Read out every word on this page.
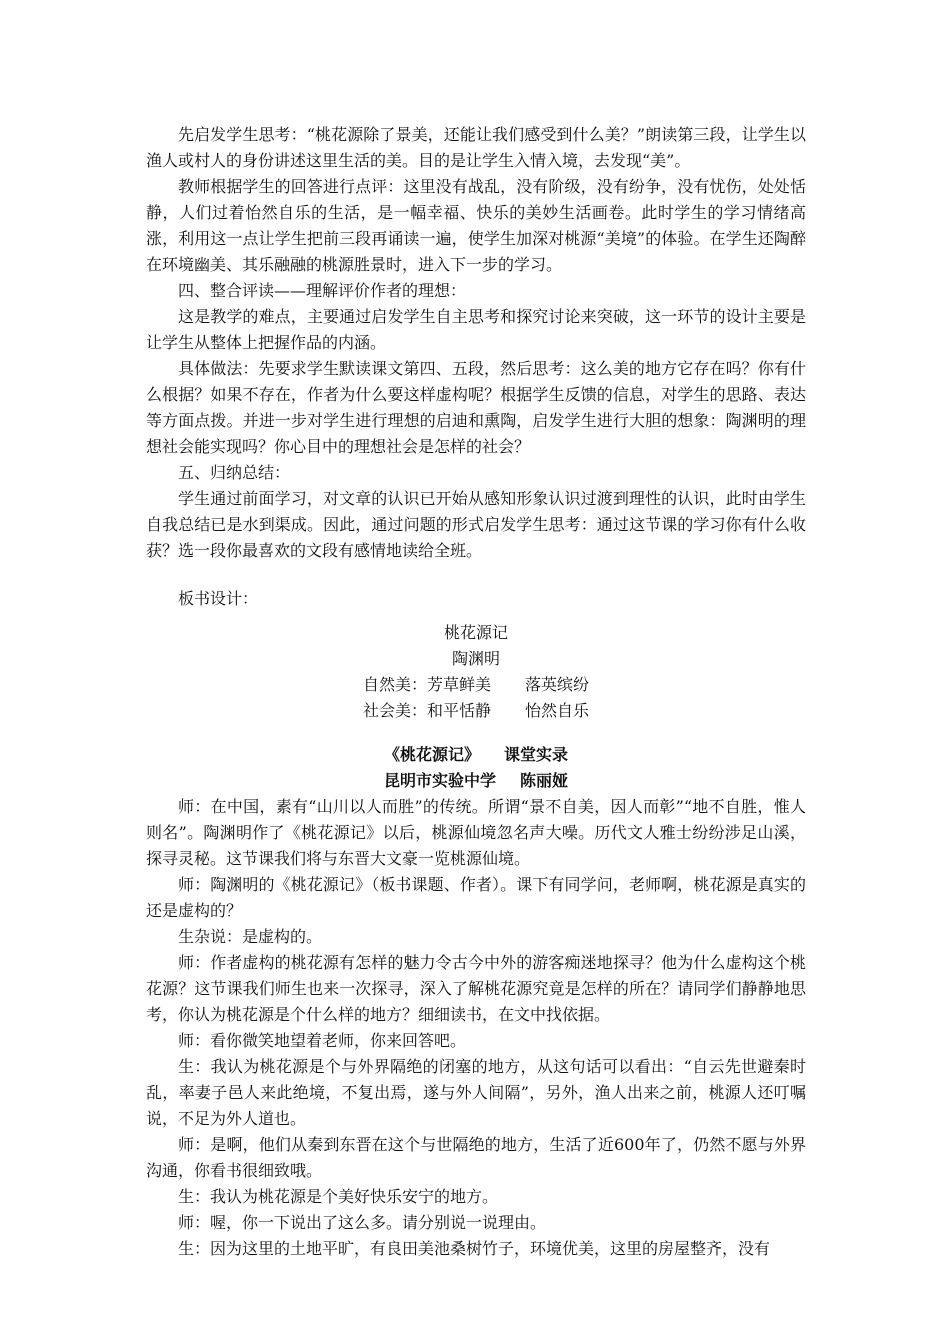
先启发学生思考：“桃花源除了景美，还能让我们感受到什么美？”朗读第三段，让学生以渔人或村人的身份讲述这里生活的美。目的是让学生入情入境，去发现“美”。

教师根据学生的回答进行点评：这里没有战乱，没有阶级，没有纷争，没有忧伤，处处恬静，人们过着怡然自乐的生活，是一幅幸福、快乐的美妙生活画卷。此时学生的学习情绪高涨，利用这一点让学生把前三段再诵读一遍，使学生加深对桃源“美境”的体验。在学生还陶醉在环境幽美、其乐融融的桃源胜景时，进入下一步的学习。

四、整合评读——理解评价作者的理想：

这是教学的难点，主要通过启发学生自主思考和探究讨论来突破，这一环节的设计主要是让学生从整体上把握作品的内涵。

具体做法：先要求学生默读课文第四、五段，然后思考：这么美的地方它存在吗？你有什么根据？如果不存在，作者为什么要这样虚构呢？根据学生反馈的信息，对学生的思路、表达等方面点拨。并进一步对学生进行理想的启迪和熏陶，启发学生进行大胆的想象：陶渊明的理想社会能实现吗？你心目中的理想社会是怎样的社会？

五、归纳总结：

学生通过前面学习，对文章的认识已开始从感知形象认识过渡到理性的认识，此时由学生自我总结已是水到渠成。因此，通过问题的形式启发学生思考：通过这节课的学习你有什么收获？选一段你最喜欢的文段有感情地读给全班。

板书设计：

桃花源记
陶渊明
自然美：芳草鲜美 落英缤纷
社会美：和平恬静 怡然自乐
《桃花源记》 课堂实录
昆明市实验中学 陈丽娅

师：在中国，素有“山川以人而胜”的传统。所谓“景不自美，因人而彰”“地不自胜，惟人则名”。陶渊明作了《桃花源记》以后，桃源仙境忽名声大噪。历代文人雅士纷纷涉足山溪，探寻灵秘。这节课我们将与东晋大文豪一览桃源仙境。

师：陶渊明的《桃花源记》（板书课题、作者）。课下有同学问，老师啊，桃花源是真实的还是虚构的？

生杂说：是虚构的。

师：作者虚构的桃花源有怎样的魅力令古今中外的游客痴迷地探寻？他为什么虚构这个桃花源？这节课我们师生也来一次探寻，深入了解桃花源究竟是怎样的所在？请同学们静静地思考，你认为桃花源是个什么样的地方？细细读书，在文中找依据。

师：看你微笑地望着老师，你来回答吧。

生：我认为桃花源是个与外界隔绝的闭塞的地方，从这句话可以看出：“自云先世避秦时乱，率妻子邑人来此绝境，不复出焉，遂与外人间隔”，另外，渔人出来之前，桃源人还叮嘱说，不足为外人道也。

师：是啊，他们从秦到东晋在这个与世隔绝的地方，生活了近600年了，仍然不愿与外界沟通，你看书很细致哦。

生：我认为桃花源是个美好快乐安宁的地方。

师：喔，你一下说出了这么多。请分别说一说理由。

生：因为这里的土地平旷，有良田美池桑树竹子，环境优美，这里的房屋整齐，没有
